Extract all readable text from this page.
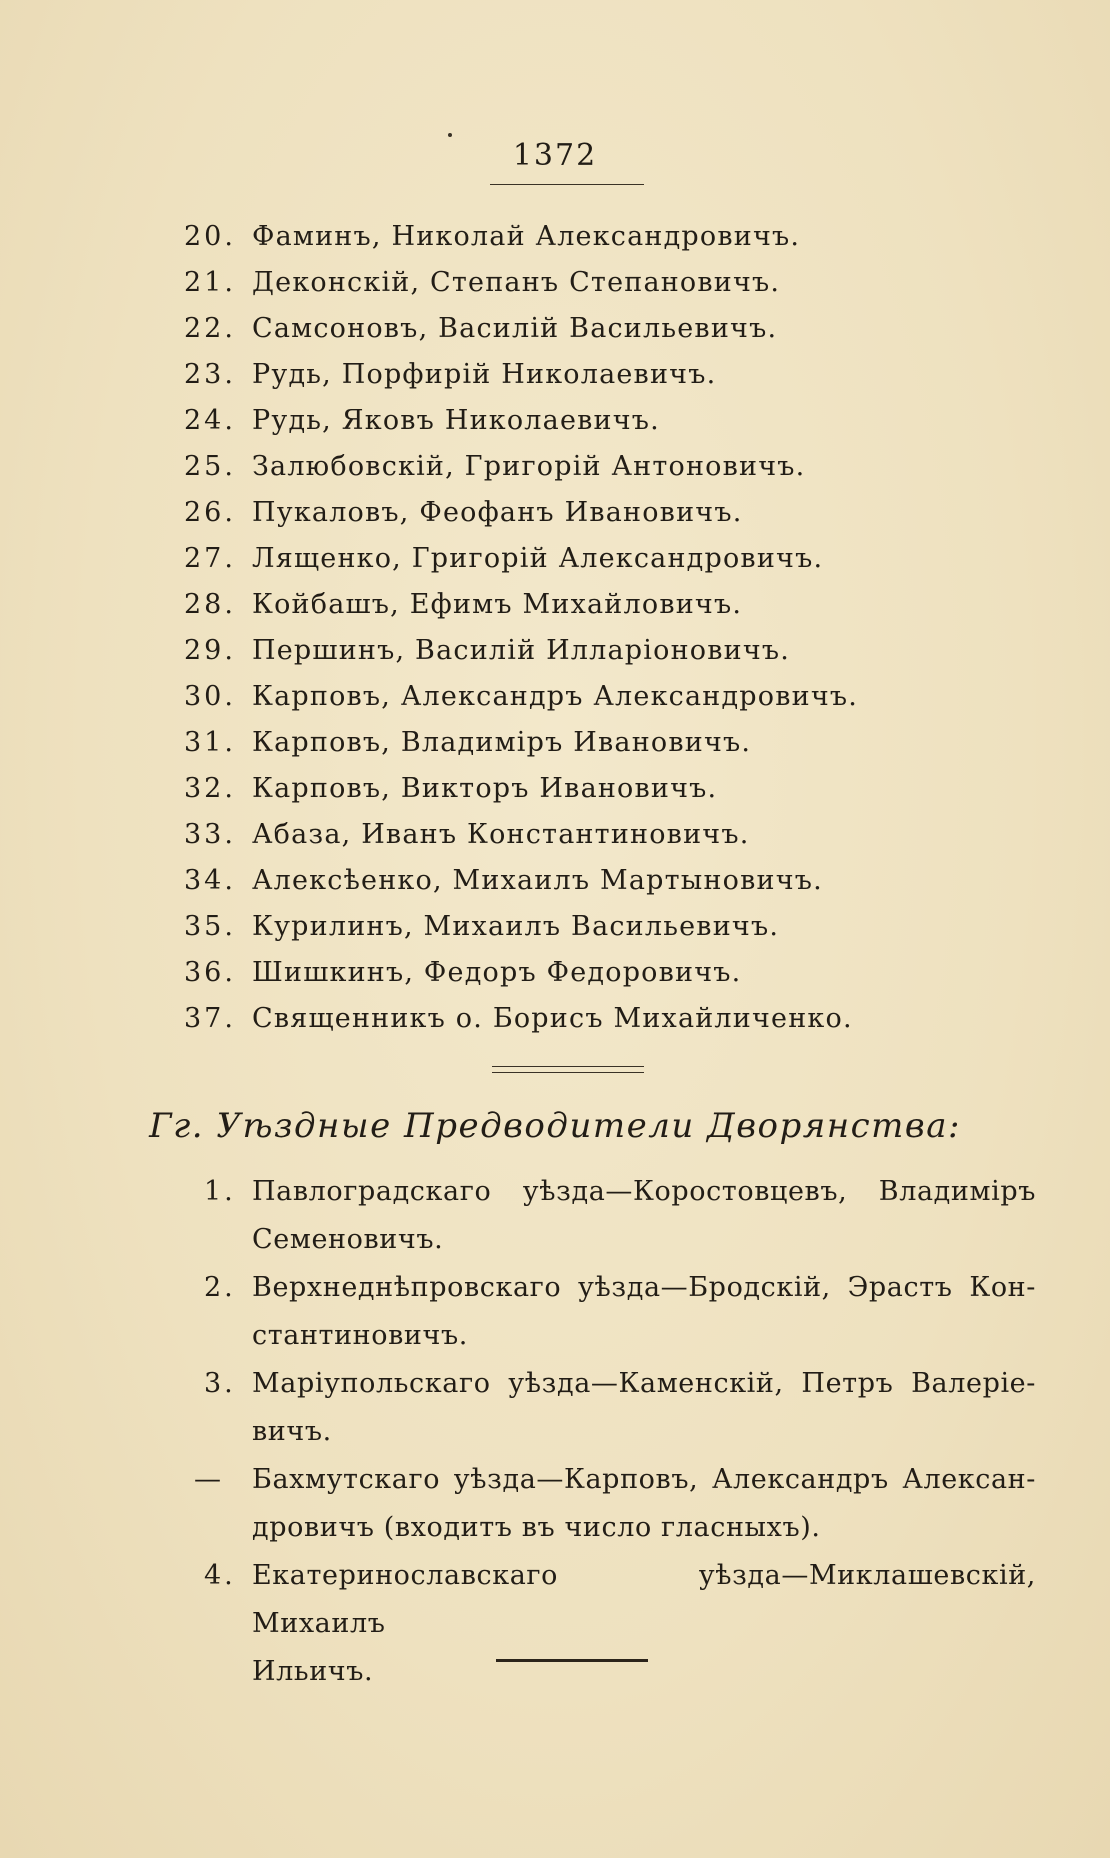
1372
20. Фаминъ, Николай Александровичъ.
21. Деконскій, Степанъ Степановичъ.
22. Самсоновъ, Василій Васильевичъ.
23. Рудь, Порфирій Николаевичъ.
24. Рудь, Яковъ Николаевичъ.
25. Залюбовскій, Григорій Антоновичъ.
26. Пукаловъ, Феофанъ Ивановичъ.
27. Лященко, Григорій Александровичъ.
28. Койбашъ, Ефимъ Михайловичъ.
29. Першинъ, Василій Илларіоновичъ.
30. Карповъ, Александръ Александровичъ.
31. Карповъ, Владиміръ Ивановичъ.
32. Карповъ, Викторъ Ивановичъ.
33. Абаза, Иванъ Константиновичъ.
34. Алексѣенко, Михаилъ Мартыновичъ.
35. Курилинъ, Михаилъ Васильевичъ.
36. Шишкинъ, Федоръ Федоровичъ.
37. Священникъ о. Борисъ Михайличенко.
Гг. Уѣздные Предводители Дворянства:
1. Павлоградскаго уѣзда—Коростовцевъ, Владиміръ
Семеновичъ.
2. Верхнеднѣпровскаго уѣзда—Бродскій, Эрастъ Кон-
стантиновичъ.
3. Маріупольскаго уѣзда—Каменскій, Петръ Валеріе-
вичъ.
— Бахмутскаго уѣзда—Карповъ, Александръ Алексан-
дровичъ (входитъ въ число гласныхъ).
4. Екатеринославскаго уѣзда—Миклашевскій, Михаилъ
Ильичъ.
